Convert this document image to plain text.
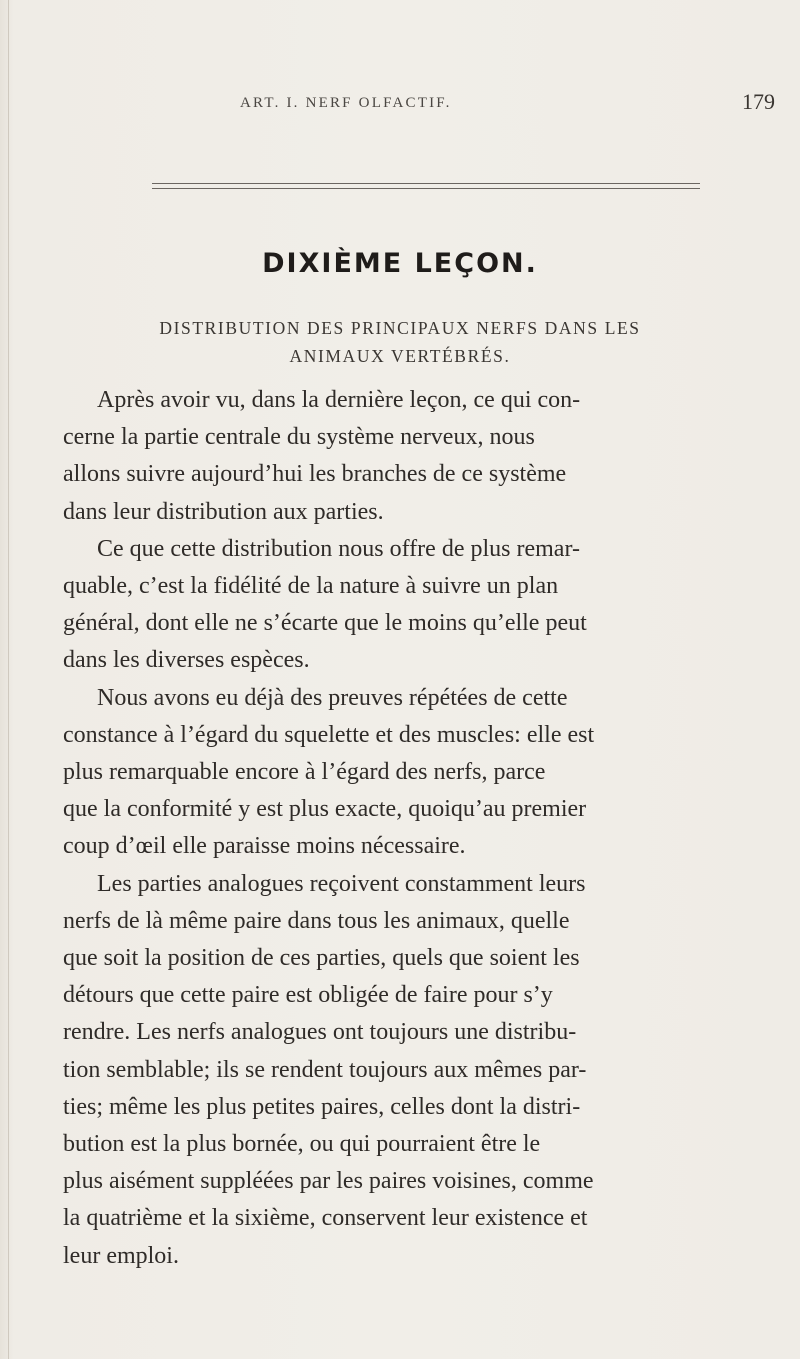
ART. I. NERF OLFACTIF.	179
DIXIÈME LEÇON.
DISTRIBUTION DES PRINCIPAUX NERFS DANS LES
ANIMAUX VERTÉBRÉS.
Après avoir vu, dans la dernière leçon, ce qui con-
cerne la partie centrale du système nerveux, nous
allons suivre aujourd’hui les branches de ce système
dans leur distribution aux parties.
Ce que cette distribution nous offre de plus remar-
quable, c’est la fidélité de la nature à suivre un plan
général, dont elle ne s’écarte que le moins qu’elle peut
dans les diverses espèces.
Nous avons eu déjà des preuves répétées de cette
constance à l’égard du squelette et des muscles: elle est
plus remarquable encore à l’égard des nerfs, parce
que la conformité y est plus exacte, quoiqu’au premier
coup d’œil elle paraisse moins nécessaire.
Les parties analogues reçoivent constamment leurs
nerfs de là même paire dans tous les animaux, quelle
que soit la position de ces parties, quels que soient les
détours que cette paire est obligée de faire pour s’y
rendre. Les nerfs analogues ont toujours une distribu-
tion semblable; ils se rendent toujours aux mêmes par-
ties; même les plus petites paires, celles dont la distri-
bution est la plus bornée, ou qui pourraient être le
plus aisément suppléées par les paires voisines, comme
la quatrième et la sixième, conservent leur existence et
leur emploi.
